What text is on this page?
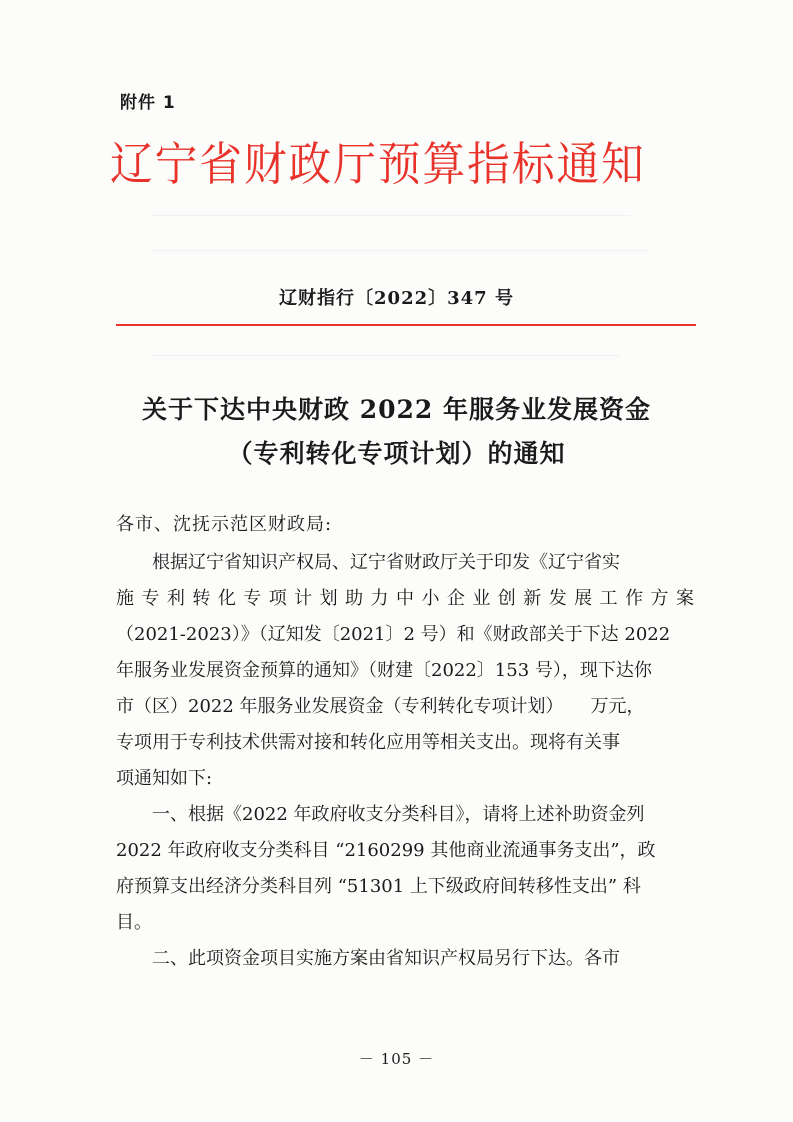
附件 1
辽宁省财政厅预算指标通知
辽财指行〔2022〕347 号
关于下达中央财政 2022 年服务业发展资金
（专利转化专项计划）的通知
各市、沈抚示范区财政局:
　　根据辽宁省知识产权局、辽宁省财政厅关于印发《辽宁省实
施 专 利 转 化 专 项 计 划 助 力 中 小 企 业 创 新 发 展 工 作 方 案
（2021-2023）》（辽知发〔2021〕2 号）和《财政部关于下达 2022
年服务业发展资金预算的通知》（财建〔2022〕153 号），现下达你
市（区）2022 年服务业发展资金（专利转化专项计划）　　万元，
专项用于专利技术供需对接和转化应用等相关支出。现将有关事
项通知如下:
　　一、根据《2022 年政府收支分类科目》，请将上述补助资金列
2022 年政府收支分类科目 “2160299 其他商业流通事务支出”，政
府预算支出经济分类科目列 “51301 上下级政府间转移性支出” 科
目。
　　二、此项资金项目实施方案由省知识产权局另行下达。各市
－ 105 －
